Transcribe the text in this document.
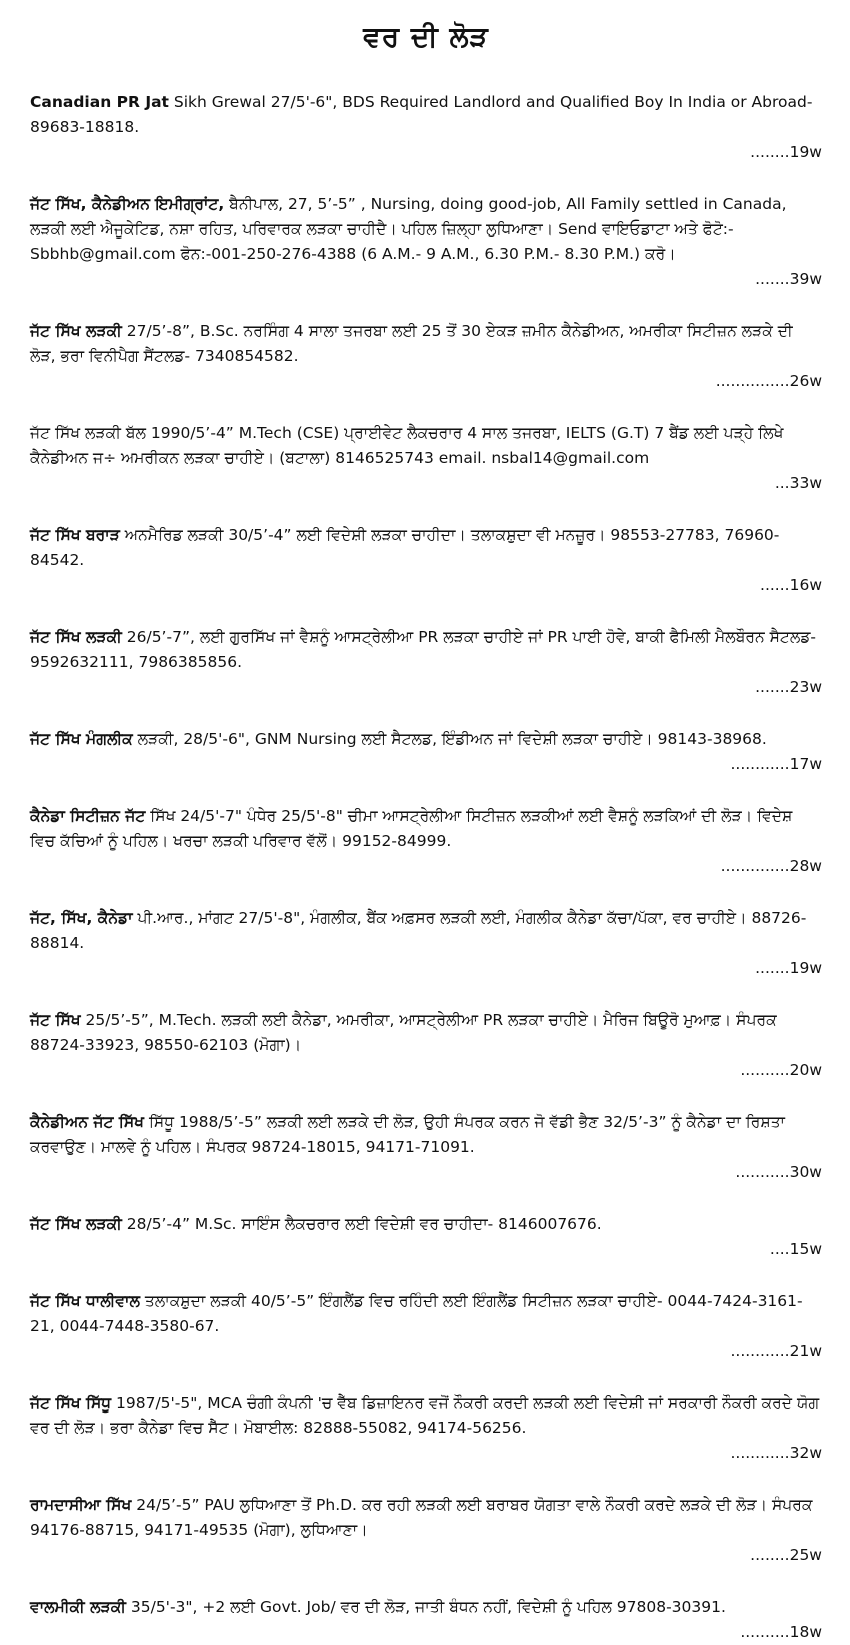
ਵਰ ਦੀ ਲੋੜ
Canadian PR Jat Sikh Grewal 27/5'-6", BDS Required Landlord and Qualified Boy In India or Abroad-89683-18818.
........19w
ਜੱਟ ਸਿੱਖ, ਕੈਨੇਡੀਅਨ ਇਮੀਗ੍ਰਾਂਟ, ਬੈਨੀਪਾਲ, 27, 5’-5” , Nursing, doing good-job, All Family settled in Canada, ਲੜਕੀ ਲਈ ਐਜੂਕੇਟਿਡ, ਨਸ਼ਾ ਰਹਿਤ, ਪਰਿਵਾਰਕ ਲੜਕਾ ਚਾਹੀਦੈ। ਪਹਿਲ ਜ਼ਿਲ੍ਹਾ ਲੁਧਿਆਣਾ। Send ਵਾਇਓਡਾਟਾ ਅਤੇ ਫੋਟੋ:- Sbbhb@gmail.com ਫੋਨ:-001-250-276-4388 (6 A.M.- 9 A.M., 6.30 P.M.- 8.30 P.M.) ਕਰੋ।
.......39w
ਜੱਟ ਸਿੱਖ ਲੜਕੀ 27/5’-8”, B.Sc. ਨਰਸਿੰਗ 4 ਸਾਲਾ ਤਜਰਬਾ ਲਈ 25 ਤੋਂ 30 ਏਕੜ ਜ਼ਮੀਨ ਕੈਨੇਡੀਅਨ, ਅਮਰੀਕਾ ਸਿਟੀਜ਼ਨ ਲੜਕੇ ਦੀ ਲੋੜ, ਭਰਾ ਵਿਨੀਪੈਗ ਸੈਂਟਲਡ- 7340854582.
...............26w
ਜੱਟ ਸਿੱਖ ਲੜਕੀ ਬੱਲ 1990/5’-4” M.Tech (CSE) ਪ੍ਰਾਈਵੇਟ ਲੈਕਚਰਾਰ 4 ਸਾਲ ਤਜਰਬਾ, IELTS (G.T) 7 ਬੈਂਡ ਲਈ ਪੜ੍ਹੇ ਲਿਖੇ ਕੈਨੇਡੀਅਨ ਜ÷ ਅਮਰੀਕਨ ਲੜਕਾ ਚਾਹੀਏ। (ਬਟਾਲਾ) 8146525743 email. nsbal14@gmail.com
...33w
ਜੱਟ ਸਿੱਖ ਬਰਾੜ ਅਨਮੈਰਿਡ ਲੜਕੀ 30/5’-4” ਲਈ ਵਿਦੇਸ਼ੀ ਲੜਕਾ ਚਾਹੀਦਾ। ਤਲਾਕਸ਼ੁਦਾ ਵੀ ਮਨਜ਼ੂਰ। 98553-27783, 76960-84542.
......16w
ਜੱਟ ਸਿੱਖ ਲੜਕੀ 26/5’-7”, ਲਈ ਗੁਰਸਿੱਖ ਜਾਂ ਵੈਸ਼ਨੂੰ ਆਸਟ੍ਰੇਲੀਆ PR ਲੜਕਾ ਚਾਹੀਏ ਜਾਂ PR ਪਾਈ ਹੋਵੇ, ਬਾਕੀ ਫੈਮਿਲੀ ਮੈਲਬੌਰਨ ਸੈਟਲਡ- 9592632111, 7986385856.
.......23w
ਜੱਟ ਸਿੱਖ ਮੰਗਲੀਕ ਲੜਕੀ, 28/5'-6", GNM Nursing ਲਈ ਸੈਟਲਡ, ਇੰਡੀਅਨ ਜਾਂ ਵਿਦੇਸ਼ੀ ਲੜਕਾ ਚਾਹੀਏ। 98143-38968.
............17w
ਕੈਨੇਡਾ ਸਿਟੀਜ਼ਨ ਜੱਟ ਸਿੱਖ 24/5'-7" ਪੰਧੇਰ 25/5'-8" ਚੀਮਾ ਆਸਟ੍ਰੇਲੀਆ ਸਿਟੀਜ਼ਨ ਲੜਕੀਆਂ ਲਈ ਵੈਸ਼ਨੂੰ ਲੜਕਿਆਂ ਦੀ ਲੋੜ। ਵਿਦੇਸ਼ ਵਿਚ ਕੱਚਿਆਂ ਨੂੰ ਪਹਿਲ। ਖਰਚਾ ਲੜਕੀ ਪਰਿਵਾਰ ਵੱਲੋਂ। 99152-84999.
..............28w
ਜੱਟ, ਸਿੱਖ, ਕੈਨੇਡਾ ਪੀ.ਆਰ., ਮਾਂਗਟ 27/5'-8", ਮੰਗਲੀਕ, ਬੈਂਕ ਅਫ਼ਸਰ ਲੜਕੀ ਲਈ, ਮੰਗਲੀਕ ਕੈਨੇਡਾ ਕੱਚਾ/ਪੱਕਾ, ਵਰ ਚਾਹੀਏ। 88726-88814.
.......19w
ਜੱਟ ਸਿੱਖ 25/5’-5”, M.Tech. ਲੜਕੀ ਲਈ ਕੈਨੇਡਾ, ਅਮਰੀਕਾ, ਆਸਟ੍ਰੇਲੀਆ PR ਲੜਕਾ ਚਾਹੀਏ। ਮੈਰਿਜ ਬਿਊਰੋ ਮੁਆਫ਼। ਸੰਪਰਕ 88724-33923, 98550-62103 (ਮੋਗਾ)।
..........20w
ਕੈਨੇਡੀਅਨ ਜੱਟ ਸਿੱਖ ਸਿੱਧੂ 1988/5’-5” ਲੜਕੀ ਲਈ ਲੜਕੇ ਦੀ ਲੋੜ, ਉਹੀ ਸੰਪਰਕ ਕਰਨ ਜੋ ਵੱਡੀ ਭੈਣ 32/5’-3” ਨੂੰ ਕੈਨੇਡਾ ਦਾ ਰਿਸ਼ਤਾ ਕਰਵਾਉਣ। ਮਾਲਵੇ ਨੂੰ ਪਹਿਲ। ਸੰਪਰਕ 98724-18015, 94171-71091.
...........30w
ਜੱਟ ਸਿੱਖ ਲੜਕੀ 28/5’-4” M.Sc. ਸਾਇੰਸ ਲੈਕਚਰਾਰ ਲਈ ਵਿਦੇਸ਼ੀ ਵਰ ਚਾਹੀਦਾ- 8146007676.
....15w
ਜੱਟ ਸਿੱਖ ਧਾਲੀਵਾਲ ਤਲਾਕਸ਼ੁਦਾ ਲੜਕੀ 40/5’-5” ਇੰਗਲੈਂਡ ਵਿਚ ਰਹਿੰਦੀ ਲਈ ਇੰਗਲੈਂਡ ਸਿਟੀਜ਼ਨ ਲੜਕਾ ਚਾਹੀਏ- 0044-7424-3161-21, 0044-7448-3580-67.
............21w
ਜੱਟ ਸਿੱਖ ਸਿੱਧੂ 1987/5'-5", MCA ਚੰਗੀ ਕੰਪਨੀ 'ਚ ਵੈੱਬ ਡਿਜ਼ਾਇਨਰ ਵਜੋਂ ਨੌਕਰੀ ਕਰਦੀ ਲੜਕੀ ਲਈ ਵਿਦੇਸ਼ੀ ਜਾਂ ਸਰਕਾਰੀ ਨੌਕਰੀ ਕਰਦੇ ਯੋਗ ਵਰ ਦੀ ਲੋੜ। ਭਰਾ ਕੈਨੇਡਾ ਵਿਚ ਸੈੱਟ। ਮੋਬਾਈਲ: 82888-55082, 94174-56256.
............32w
ਰਾਮਦਾਸੀਆ ਸਿੱਖ 24/5’-5” PAU ਲੁਧਿਆਣਾ ਤੋਂ Ph.D. ਕਰ ਰਹੀ ਲੜਕੀ ਲਈ ਬਰਾਬਰ ਯੋਗਤਾ ਵਾਲੇ ਨੌਕਰੀ ਕਰਦੇ ਲੜਕੇ ਦੀ ਲੋੜ। ਸੰਪਰਕ 94176-88715, 94171-49535 (ਮੋਗਾ), ਲੁਧਿਆਣਾ।
........25w
ਵਾਲਮੀਕੀ ਲੜਕੀ 35/5'-3", +2 ਲਈ Govt. Job/ ਵਰ ਦੀ ਲੋੜ, ਜਾਤੀ ਬੰਧਨ ਨਹੀਂ, ਵਿਦੇਸ਼ੀ ਨੂੰ ਪਹਿਲ 97808-30391.
..........18w
